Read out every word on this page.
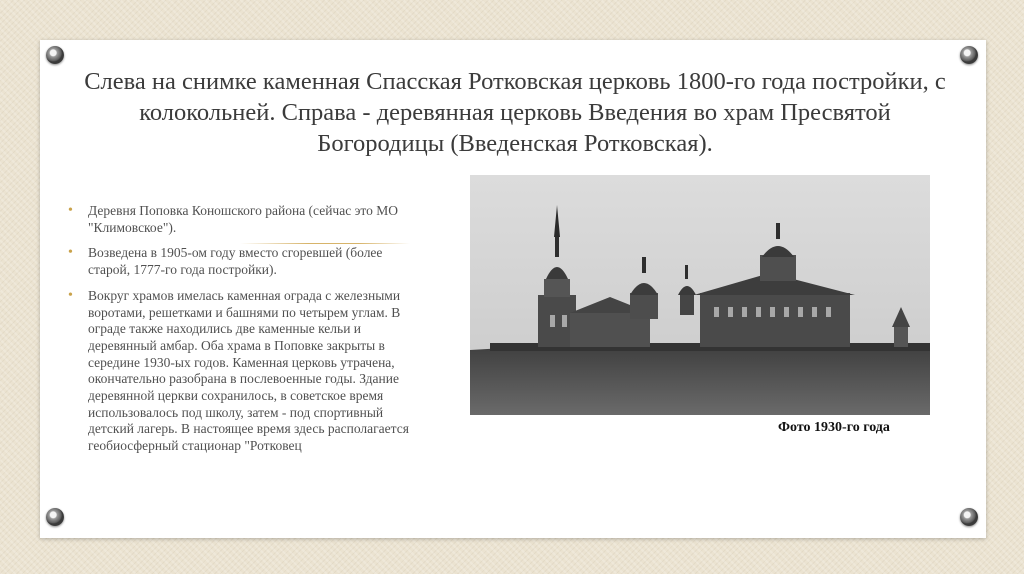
Слева на снимке каменная Спасская Ротковская церковь 1800-го года постройки, с колокольней. Справа - деревянная церковь Введения во храм Пресвятой Богородицы (Введенская Ротковская).
• Деревня Поповка Коношского района (сейчас это МО "Климовское").
• Возведена в 1905-ом году вместо сгоревшей (более старой, 1777-го года постройки).
• Вокруг храмов имелась каменная ограда с железными воротами, решетками и башнями по четырем углам. В ограде также находились две каменные кельи и деревянный амбар. Оба храма в Поповке закрыты в середине 1930-ых годов. Каменная церковь утрачена, окончательно разобрана в послевоенные годы. Здание деревянной церкви сохранилось, в советское время использовалось под школу, затем - под спортивный детский лагерь. В настоящее время здесь располагается геобиосферный стационар "Ротковец

Фото 1930-го года
